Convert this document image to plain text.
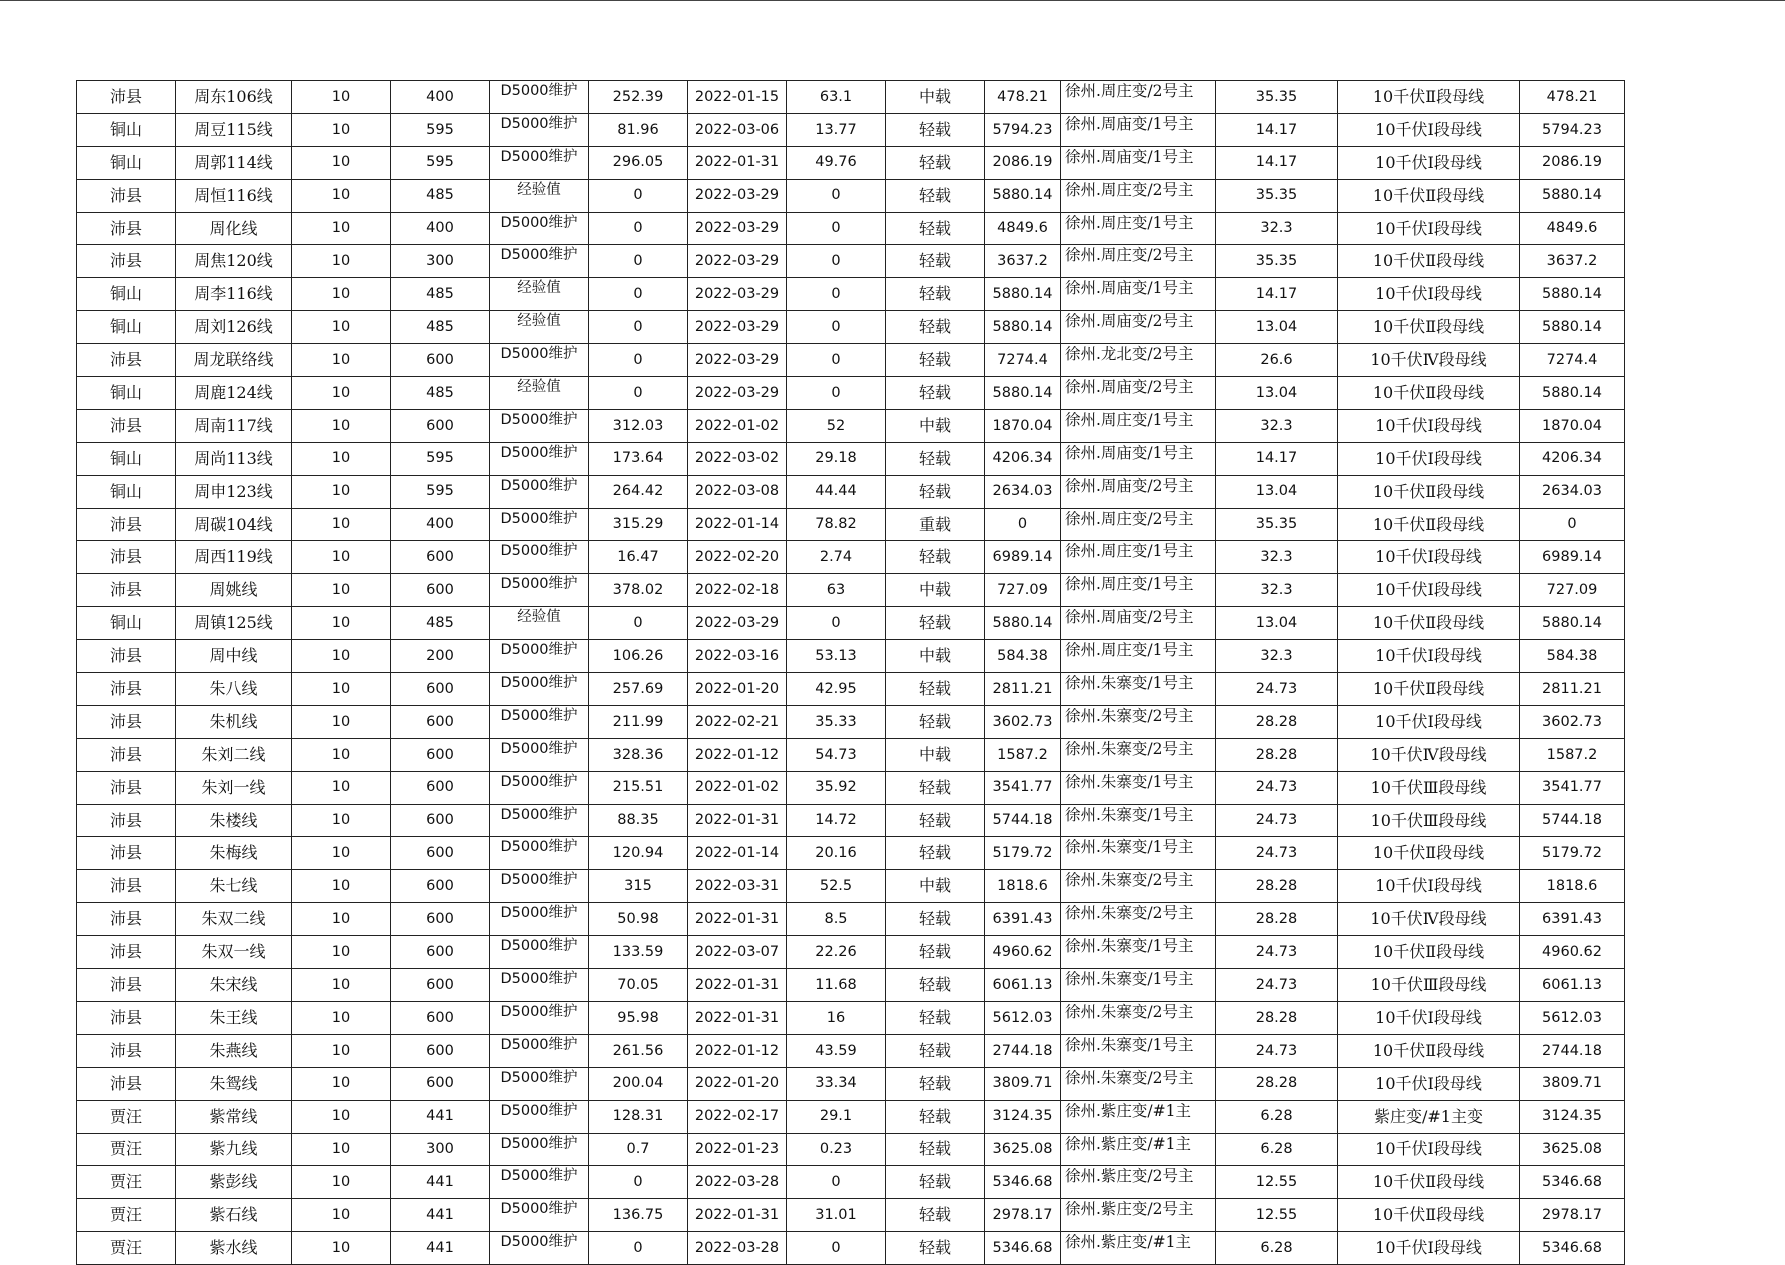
沛县	周东106线	10	400	D5000维护	252.39	2022-01-15	63.1	中载	478.21	徐州.周庄变/2号主	35.35	10千伏Ⅱ段母线	478.21
铜山	周豆115线	10	595	D5000维护	81.96	2022-03-06	13.77	轻载	5794.23	徐州.周庙变/1号主	14.17	10千伏Ⅰ段母线	5794.23
铜山	周郭114线	10	595	D5000维护	296.05	2022-01-31	49.76	轻载	2086.19	徐州.周庙变/1号主	14.17	10千伏Ⅰ段母线	2086.19
沛县	周恒116线	10	485	经验值	0	2022-03-29	0	轻载	5880.14	徐州.周庄变/2号主	35.35	10千伏Ⅱ段母线	5880.14
沛县	周化线	10	400	D5000维护	0	2022-03-29	0	轻载	4849.6	徐州.周庄变/1号主	32.3	10千伏Ⅰ段母线	4849.6
沛县	周焦120线	10	300	D5000维护	0	2022-03-29	0	轻载	3637.2	徐州.周庄变/2号主	35.35	10千伏Ⅱ段母线	3637.2
铜山	周李116线	10	485	经验值	0	2022-03-29	0	轻载	5880.14	徐州.周庙变/1号主	14.17	10千伏Ⅰ段母线	5880.14
铜山	周刘126线	10	485	经验值	0	2022-03-29	0	轻载	5880.14	徐州.周庙变/2号主	13.04	10千伏Ⅱ段母线	5880.14
沛县	周龙联络线	10	600	D5000维护	0	2022-03-29	0	轻载	7274.4	徐州.龙北变/2号主	26.6	10千伏Ⅳ段母线	7274.4
铜山	周鹿124线	10	485	经验值	0	2022-03-29	0	轻载	5880.14	徐州.周庙变/2号主	13.04	10千伏Ⅱ段母线	5880.14
沛县	周南117线	10	600	D5000维护	312.03	2022-01-02	52	中载	1870.04	徐州.周庄变/1号主	32.3	10千伏Ⅰ段母线	1870.04
铜山	周尚113线	10	595	D5000维护	173.64	2022-03-02	29.18	轻载	4206.34	徐州.周庙变/1号主	14.17	10千伏Ⅰ段母线	4206.34
铜山	周申123线	10	595	D5000维护	264.42	2022-03-08	44.44	轻载	2634.03	徐州.周庙变/2号主	13.04	10千伏Ⅱ段母线	2634.03
沛县	周碳104线	10	400	D5000维护	315.29	2022-01-14	78.82	重载	0	徐州.周庄变/2号主	35.35	10千伏Ⅱ段母线	0
沛县	周西119线	10	600	D5000维护	16.47	2022-02-20	2.74	轻载	6989.14	徐州.周庄变/1号主	32.3	10千伏Ⅰ段母线	6989.14
沛县	周姚线	10	600	D5000维护	378.02	2022-02-18	63	中载	727.09	徐州.周庄变/1号主	32.3	10千伏Ⅰ段母线	727.09
铜山	周镇125线	10	485	经验值	0	2022-03-29	0	轻载	5880.14	徐州.周庙变/2号主	13.04	10千伏Ⅱ段母线	5880.14
沛县	周中线	10	200	D5000维护	106.26	2022-03-16	53.13	中载	584.38	徐州.周庄变/1号主	32.3	10千伏Ⅰ段母线	584.38
沛县	朱八线	10	600	D5000维护	257.69	2022-01-20	42.95	轻载	2811.21	徐州.朱寨变/1号主	24.73	10千伏Ⅱ段母线	2811.21
沛县	朱机线	10	600	D5000维护	211.99	2022-02-21	35.33	轻载	3602.73	徐州.朱寨变/2号主	28.28	10千伏Ⅰ段母线	3602.73
沛县	朱刘二线	10	600	D5000维护	328.36	2022-01-12	54.73	中载	1587.2	徐州.朱寨变/2号主	28.28	10千伏Ⅳ段母线	1587.2
沛县	朱刘一线	10	600	D5000维护	215.51	2022-01-02	35.92	轻载	3541.77	徐州.朱寨变/1号主	24.73	10千伏Ⅲ段母线	3541.77
沛县	朱楼线	10	600	D5000维护	88.35	2022-01-31	14.72	轻载	5744.18	徐州.朱寨变/1号主	24.73	10千伏Ⅲ段母线	5744.18
沛县	朱梅线	10	600	D5000维护	120.94	2022-01-14	20.16	轻载	5179.72	徐州.朱寨变/1号主	24.73	10千伏Ⅱ段母线	5179.72
沛县	朱七线	10	600	D5000维护	315	2022-03-31	52.5	中载	1818.6	徐州.朱寨变/2号主	28.28	10千伏Ⅰ段母线	1818.6
沛县	朱双二线	10	600	D5000维护	50.98	2022-01-31	8.5	轻载	6391.43	徐州.朱寨变/2号主	28.28	10千伏Ⅳ段母线	6391.43
沛县	朱双一线	10	600	D5000维护	133.59	2022-03-07	22.26	轻载	4960.62	徐州.朱寨变/1号主	24.73	10千伏Ⅱ段母线	4960.62
沛县	朱宋线	10	600	D5000维护	70.05	2022-01-31	11.68	轻载	6061.13	徐州.朱寨变/1号主	24.73	10千伏Ⅲ段母线	6061.13
沛县	朱王线	10	600	D5000维护	95.98	2022-01-31	16	轻载	5612.03	徐州.朱寨变/2号主	28.28	10千伏Ⅰ段母线	5612.03
沛县	朱燕线	10	600	D5000维护	261.56	2022-01-12	43.59	轻载	2744.18	徐州.朱寨变/1号主	24.73	10千伏Ⅱ段母线	2744.18
沛县	朱鸳线	10	600	D5000维护	200.04	2022-01-20	33.34	轻载	3809.71	徐州.朱寨变/2号主	28.28	10千伏Ⅰ段母线	3809.71
贾汪	紫常线	10	441	D5000维护	128.31	2022-02-17	29.1	轻载	3124.35	徐州.紫庄变/#1主	6.28	紫庄变/#1主变	3124.35
贾汪	紫九线	10	300	D5000维护	0.7	2022-01-23	0.23	轻载	3625.08	徐州.紫庄变/#1主	6.28	10千伏Ⅰ段母线	3625.08
贾汪	紫彭线	10	441	D5000维护	0	2022-03-28	0	轻载	5346.68	徐州.紫庄变/2号主	12.55	10千伏Ⅱ段母线	5346.68
贾汪	紫石线	10	441	D5000维护	136.75	2022-01-31	31.01	轻载	2978.17	徐州.紫庄变/2号主	12.55	10千伏Ⅱ段母线	2978.17
贾汪	紫水线	10	441	D5000维护	0	2022-03-28	0	轻载	5346.68	徐州.紫庄变/#1主	6.28	10千伏Ⅰ段母线	5346.68
